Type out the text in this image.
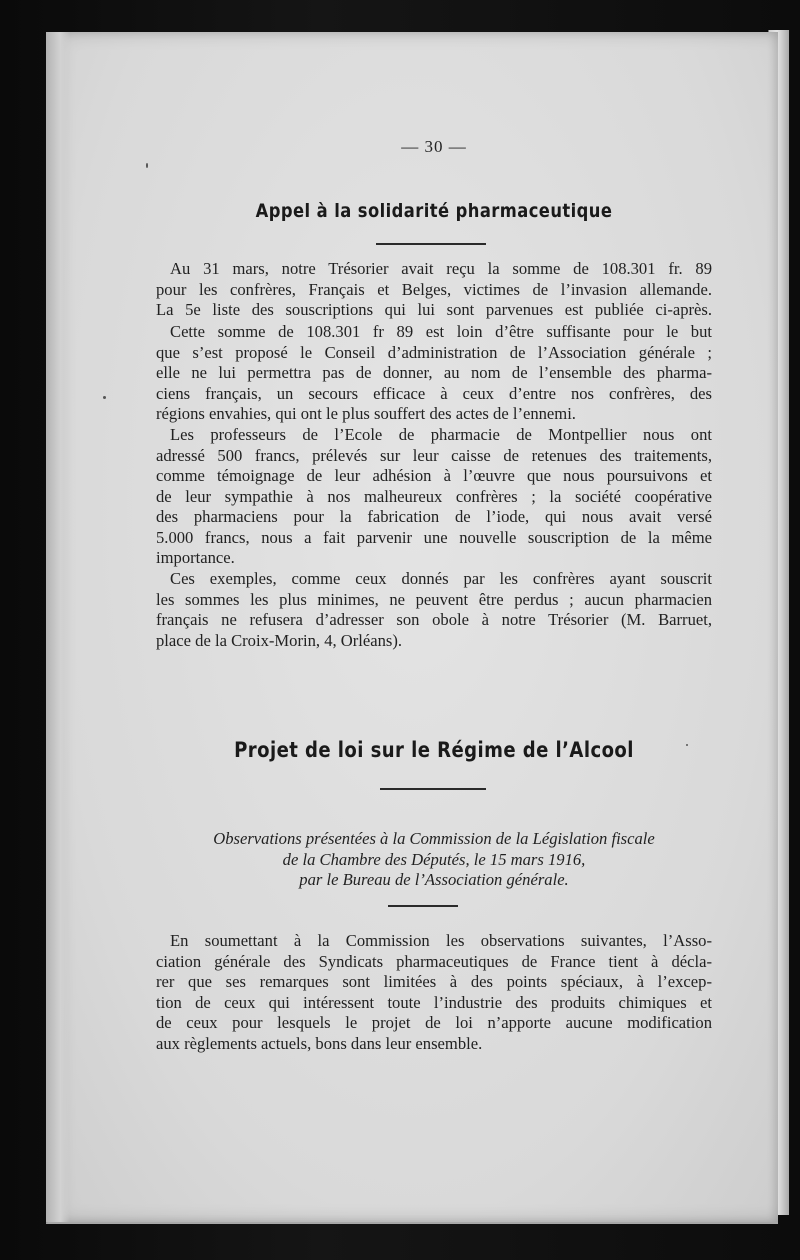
— 30 —
Appel à la solidarité pharmaceutique

Au 31 mars, notre Trésorier avait reçu la somme de 108.301 fr. 89
pour les confrères, Français et Belges, victimes de l’invasion allemande.
La 5e liste des souscriptions qui lui sont parvenues est publiée ci-après.

Cette somme de 108.301 fr 89 est loin d’être suffisante pour le but
que s’est proposé le Conseil d’administration de l’Association générale ;
elle ne lui permettra pas de donner, au nom de l’ensemble des pharma-
ciens français, un secours efficace à ceux d’entre nos confrères, des
régions envahies, qui ont le plus souffert des actes de l’ennemi.

Les professeurs de l’Ecole de pharmacie de Montpellier nous ont
adressé 500 francs, prélevés sur leur caisse de retenues des traitements,
comme témoignage de leur adhésion à l’œuvre que nous poursuivons et
de leur sympathie à nos malheureux confrères ; la société coopérative
des pharmaciens pour la fabrication de l’iode, qui nous avait versé
5.000 francs, nous a fait parvenir une nouvelle souscription de la même
importance.

Ces exemples, comme ceux donnés par les confrères ayant souscrit
les sommes les plus minimes, ne peuvent être perdus ; aucun pharmacien
français ne refusera d’adresser son obole à notre Trésorier (M. Barruet,
place de la Croix-Morin, 4, Orléans).

Projet de loi sur le Régime de l’Alcool
Observations présentées à la Commission de la Législation fiscale
de la Chambre des Députés, le 15 mars 1916,
par le Bureau de l’Association générale.

En soumettant à la Commission les observations suivantes, l’Asso-
ciation générale des Syndicats pharmaceutiques de France tient à décla-
rer que ses remarques sont limitées à des points spéciaux, à l’excep-
tion de ceux qui intéressent toute l’industrie des produits chimiques et
de ceux pour lesquels le projet de loi n’apporte aucune modification
aux règlements actuels, bons dans leur ensemble.
